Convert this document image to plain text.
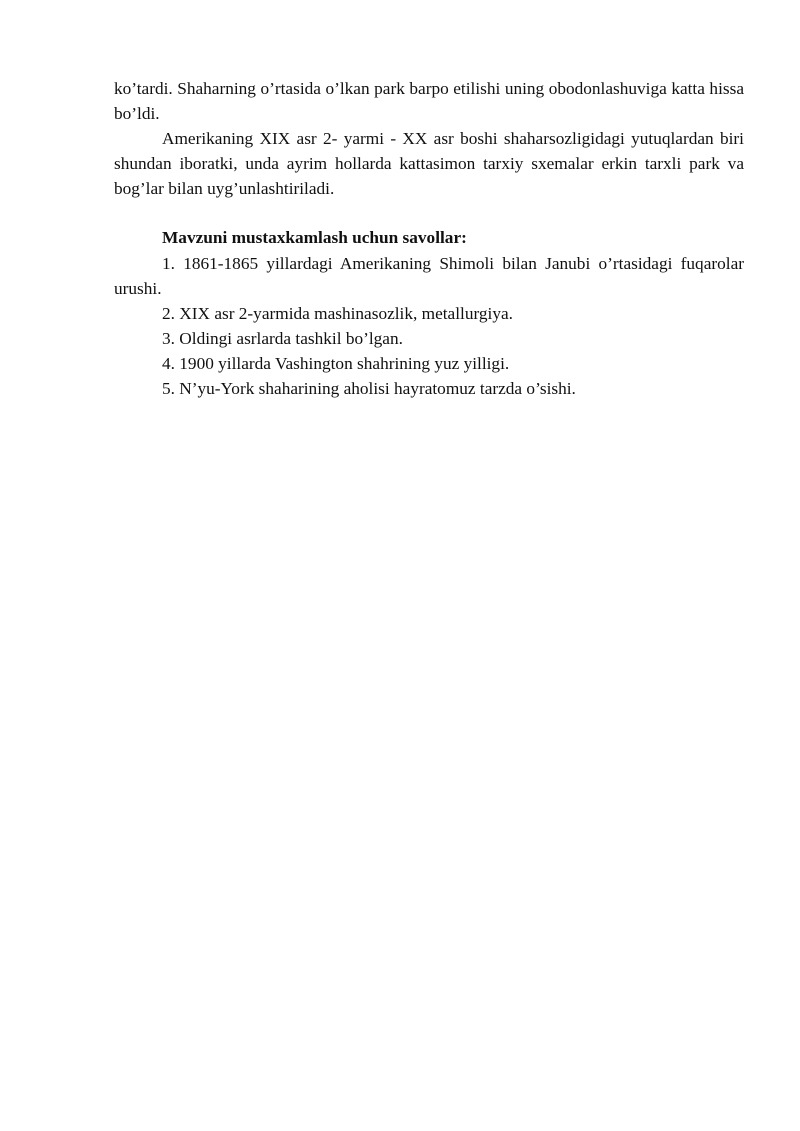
ko’tardi. Shaharning o’rtasida o’lkan park barpo etilishi uning obodonlashuviga katta hissa bo’ldi.

Amerikaning XIX asr 2- yarmi - XX asr boshi shaharsozligidagi yutuqlardan biri shundan iboratki, unda ayrim hollarda kattasimon tarxiy sxemalar erkin tarxli park va bog’lar bilan uyg’unlashtiriladi.

Mavzuni mustaxkamlash uchun savollar:

1. 1861-1865 yillardagi Amerikaning Shimoli bilan Janubi o’rtasidagi fuqarolar urushi.

2. XIX asr 2-yarmida mashinasozlik, metallurgiya.

3. Oldingi asrlarda tashkil bo’lgan.

4. 1900 yillarda Vashington shahrining yuz yilligi.

5. N’yu-York shaharining aholisi hayratomuz tarzda o’sishi.
